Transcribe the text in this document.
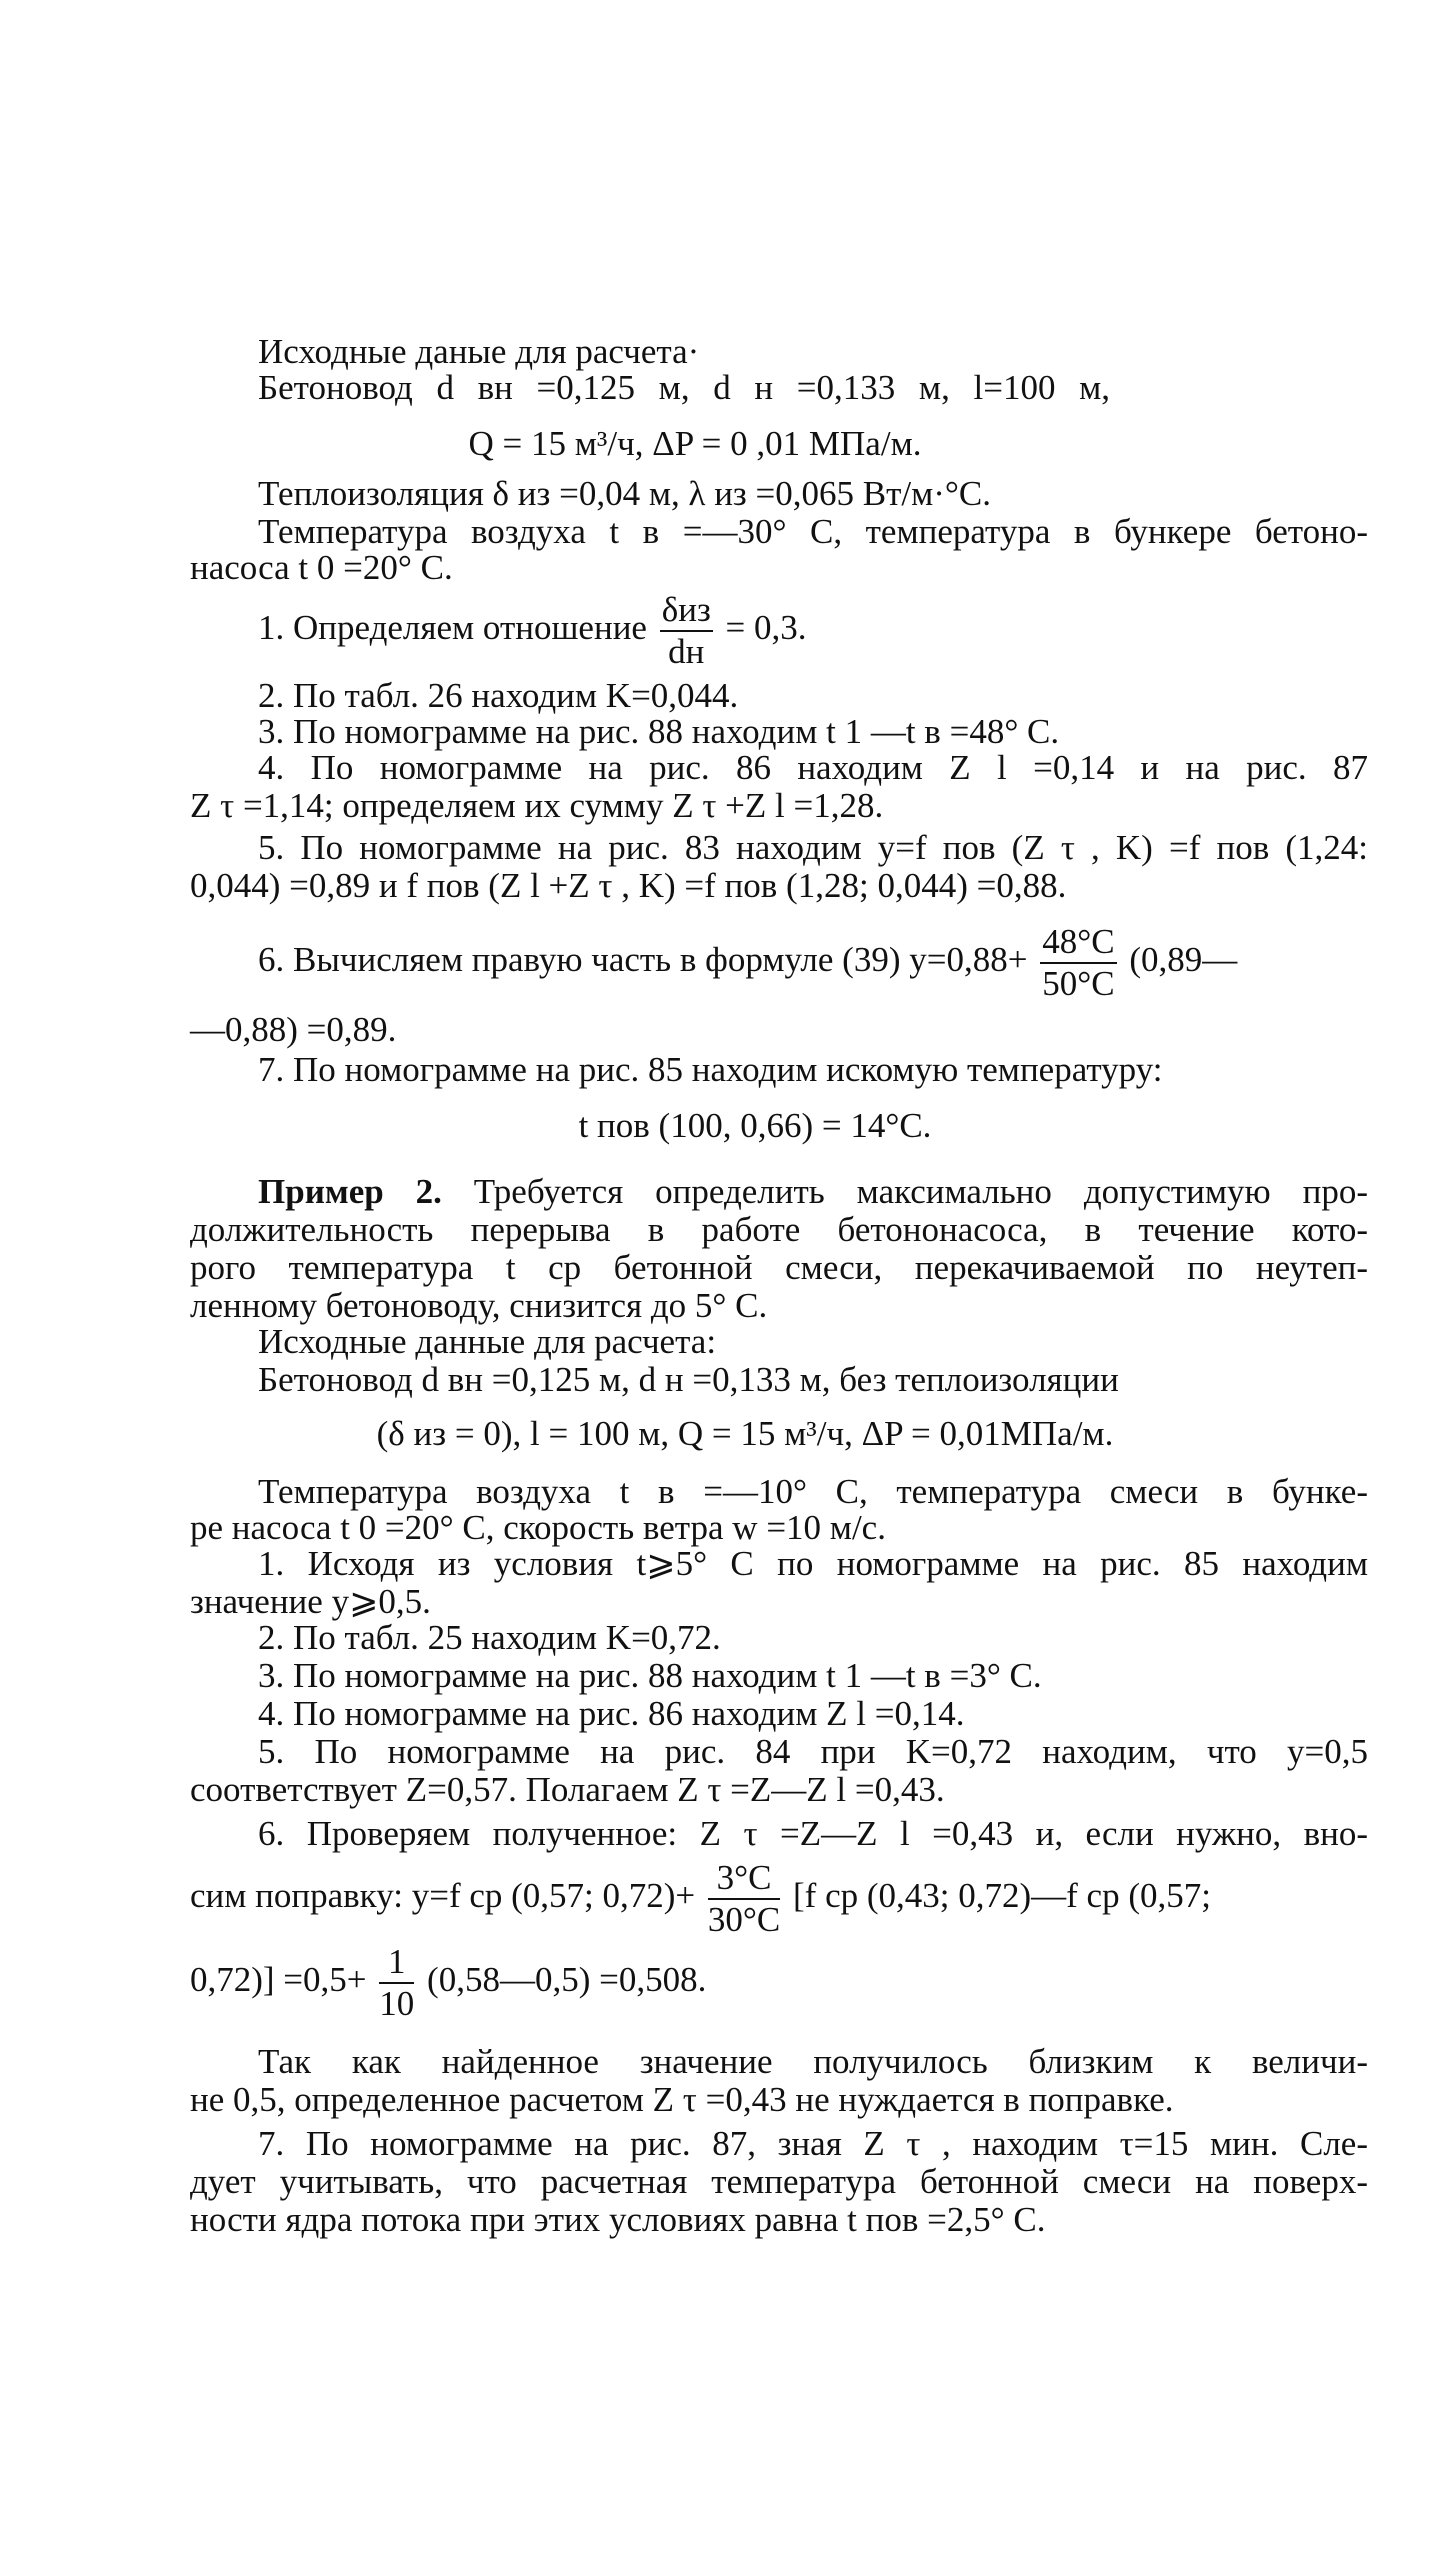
Исходные даные для расчета·
Бетоновод d вн =0,125 м, d н =0,133 м, l=100 м,
Q = 15 м³/ч, ΔP = 0 ,01 МПа/м.
Теплоизоляция δ из =0,04 м, λ из =0,065 Вт/м·°С.
Температура воздуха t в =—30° С, температура в бункере бетоно-
насоса t 0 =20° С.
1. Определяем отношение $\frac{\text{δиз}}{dн} = 0,3$.
2. По табл. 26 находим K=0,044.
3. По номограмме на рис. 88 находим t 1 —t в =48° С.
4. По номограмме на рис. 86 находим Z l =0,14 и на рис. 87
Z τ =1,14; определяем их сумму Z τ +Z l =1,28.
5. По номограмме на рис. 83 находим y=f пов (Z τ , K) =f пов (1,24:
0,044) =0,89 и f пов (Z l +Z τ , K) =f пов (1,28; 0,044) =0,88.
6. Вычисляем правую часть в формуле (39) $y=0,88+ \frac{48^\circ C}{50^\circ C}$ (0,89—
—0,88) =0,89.
7. По номограмме на рис. 85 находим искомую температуру:
t пов (100, 0,66) = 14°С.
Пример 2. Требуется определить максимально допустимую про-
должительность перерыва в работе бетононасоса, в течение кото-
рого температура t ср бетонной смеси, перекачиваемой по неутеп-
ленному бетоноводу, снизится до 5° С.
Исходные данные для расчета:
Бетоновод d вн =0,125 м, d н =0,133 м, без теплоизоляции
(δ из = 0), l = 100 м, Q = 15 м³/ч, ΔP = 0,01МПа/м.
Температура воздуха t в =—10° С, температура смеси в бунке-
ре насоса t 0 =20° С, скорость ветра w =10 м/с.
1. Исходя из условия t⩾5° С по номограмме на рис. 85 находим
значение y⩾0,5.
2. По табл. 25 находим K=0,72.
3. По номограмме на рис. 88 находим t 1 —t в =3° С.
4. По номограмме на рис. 86 находим Z l =0,14.
5. По номограмме на рис. 84 при K=0,72 находим, что y=0,5
соответствует Z=0,57. Полагаем Z τ =Z—Z l =0,43.
6. Проверяем полученное: Z τ =Z—Z l =0,43 и, если нужно, вно-
сим поправку: y=f ср (0,57; $0,72)+ \frac{3^\circ C}{30^\circ C} [f$ ср (0,43; 0,72)—f ср (0,57;
$0,72)] =0,5+ \frac{1}{10}$ (0,58—0,5) =0,508.
Так как найденное значение получилось близким к величи-
не 0,5, определенное расчетом Z τ =0,43 не нуждается в поправке.
7. По номограмме на рис. 87, зная Z τ , находим τ=15 мин. Сле-
дует учитывать, что расчетная температура бетонной смеси на поверх-
ности ядра потока при этих условиях равна t пов =2,5° С.
